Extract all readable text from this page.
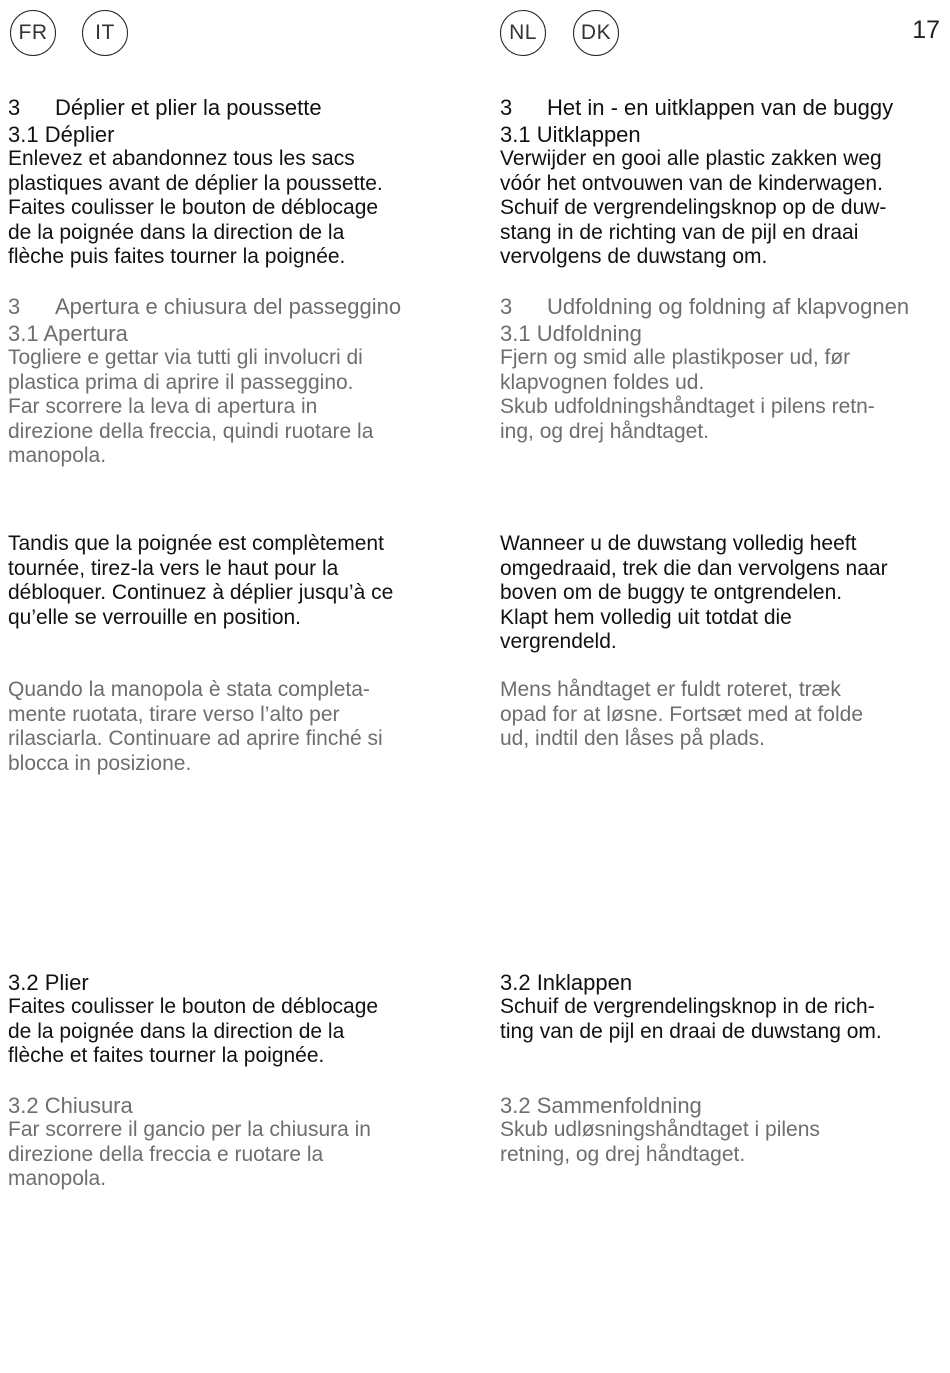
FR	IT	NL	DK	17
3	Déplier et plier la poussette
3.1 Déplier

Enlevez et abandonnez tous les sacs

plastiques avant de déplier la poussette.

Faites coulisser le bouton de déblocage

de la poignée dans la direction de la

flèche puis faites tourner la poignée.

3	Apertura e chiusura del passeggino
3.1 Apertura

Togliere e gettar via tutti gli involucri di

plastica prima di aprire il passeggino.

Far scorrere la leva di apertura in

direzione della freccia, quindi ruotare la

manopola.

Tandis que la poignée est complètement

tournée, tirez-la vers le haut pour la

débloquer. Continuez à déplier jusqu’à ce

qu’elle se verrouille en position.

Quando la manopola è stata completa-

mente ruotata, tirare verso l’alto per

rilasciarla. Continuare ad aprire finché si

blocca in posizione.

3.2 Plier

Faites coulisser le bouton de déblocage

de la poignée dans la direction de la

flèche et faites tourner la poignée.

3.2 Chiusura

Far scorrere il gancio per la chiusura in

direzione della freccia e ruotare la

manopola.

3	Het in - en uitklappen van de buggy
3.1 Uitklappen

Verwijder en gooi alle plastic zakken weg

vóór het ontvouwen van de kinderwagen.

Schuif de vergrendelingsknop op de duw-

stang in de richting van de pijl en draai

vervolgens de duwstang om.

3	Udfoldning og foldning af klapvognen
3.1 Udfoldning

Fjern og smid alle plastikposer ud, før

klapvognen foldes ud.

Skub udfoldningshåndtaget i pilens retn-

ing, og drej håndtaget.

Wanneer u de duwstang volledig heeft

omgedraaid, trek die dan vervolgens naar

boven om de buggy te ontgrendelen.

Klapt hem volledig uit totdat die

vergrendeld.

Mens håndtaget er fuldt roteret, træk

opad for at løsne. Fortsæt med at folde

ud, indtil den låses på plads.

3.2 Inklappen

Schuif de vergrendelingsknop in de rich-

ting van de pijl en draai de duwstang om.

3.2 Sammenfoldning

Skub udløsningshåndtaget i pilens

retning, og drej håndtaget.
